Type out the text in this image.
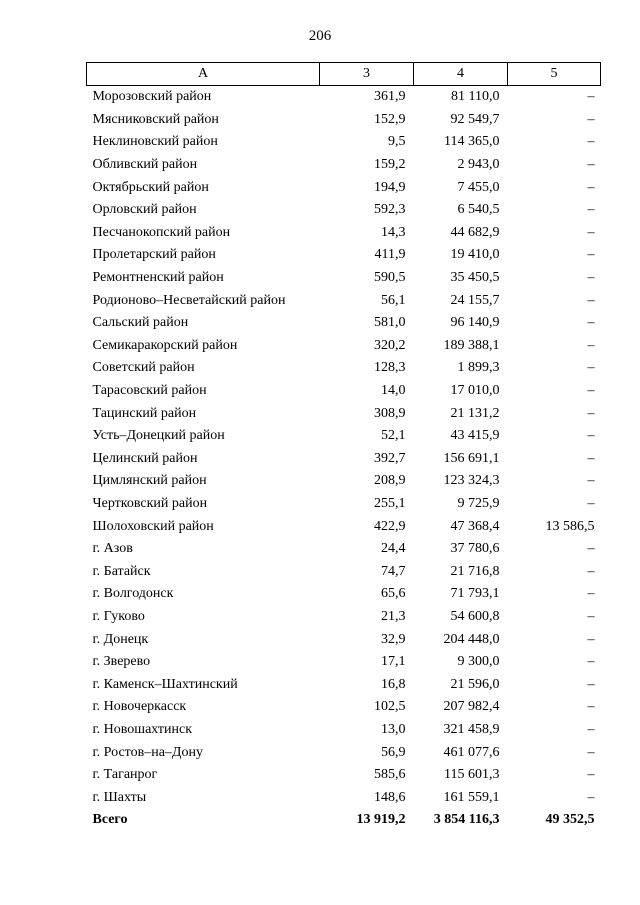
206
А	3	4	5
Морозовский район	361,9	81 110,0	–
Мясниковский район	152,9	92 549,7	–
Неклиновский район	9,5	114 365,0	–
Обливский район	159,2	2 943,0	–
Октябрьский район	194,9	7 455,0	–
Орловский район	592,3	6 540,5	–
Песчанокопский район	14,3	44 682,9	–
Пролетарский район	411,9	19 410,0	–
Ремонтненский район	590,5	35 450,5	–
Родионово–Несветайский район	56,1	24 155,7	–
Сальский район	581,0	96 140,9	–
Семикаракорский район	320,2	189 388,1	–
Советский район	128,3	1 899,3	–
Тарасовский район	14,0	17 010,0	–
Тацинский район	308,9	21 131,2	–
Усть–Донецкий район	52,1	43 415,9	–
Целинский район	392,7	156 691,1	–
Цимлянский район	208,9	123 324,3	–
Чертковский район	255,1	9 725,9	–
Шолоховский район	422,9	47 368,4	13 586,5
г. Азов	24,4	37 780,6	–
г. Батайск	74,7	21 716,8	–
г. Волгодонск	65,6	71 793,1	–
г. Гуково	21,3	54 600,8	–
г. Донецк	32,9	204 448,0	–
г. Зверево	17,1	9 300,0	–
г. Каменск–Шахтинский	16,8	21 596,0	–
г. Новочеркасск	102,5	207 982,4	–
г. Новошахтинск	13,0	321 458,9	–
г. Ростов–на–Дону	56,9	461 077,6	–
г. Таганрог	585,6	115 601,3	–
г. Шахты	148,6	161 559,1	–
Всего	13 919,2	3 854 116,3	49 352,5
